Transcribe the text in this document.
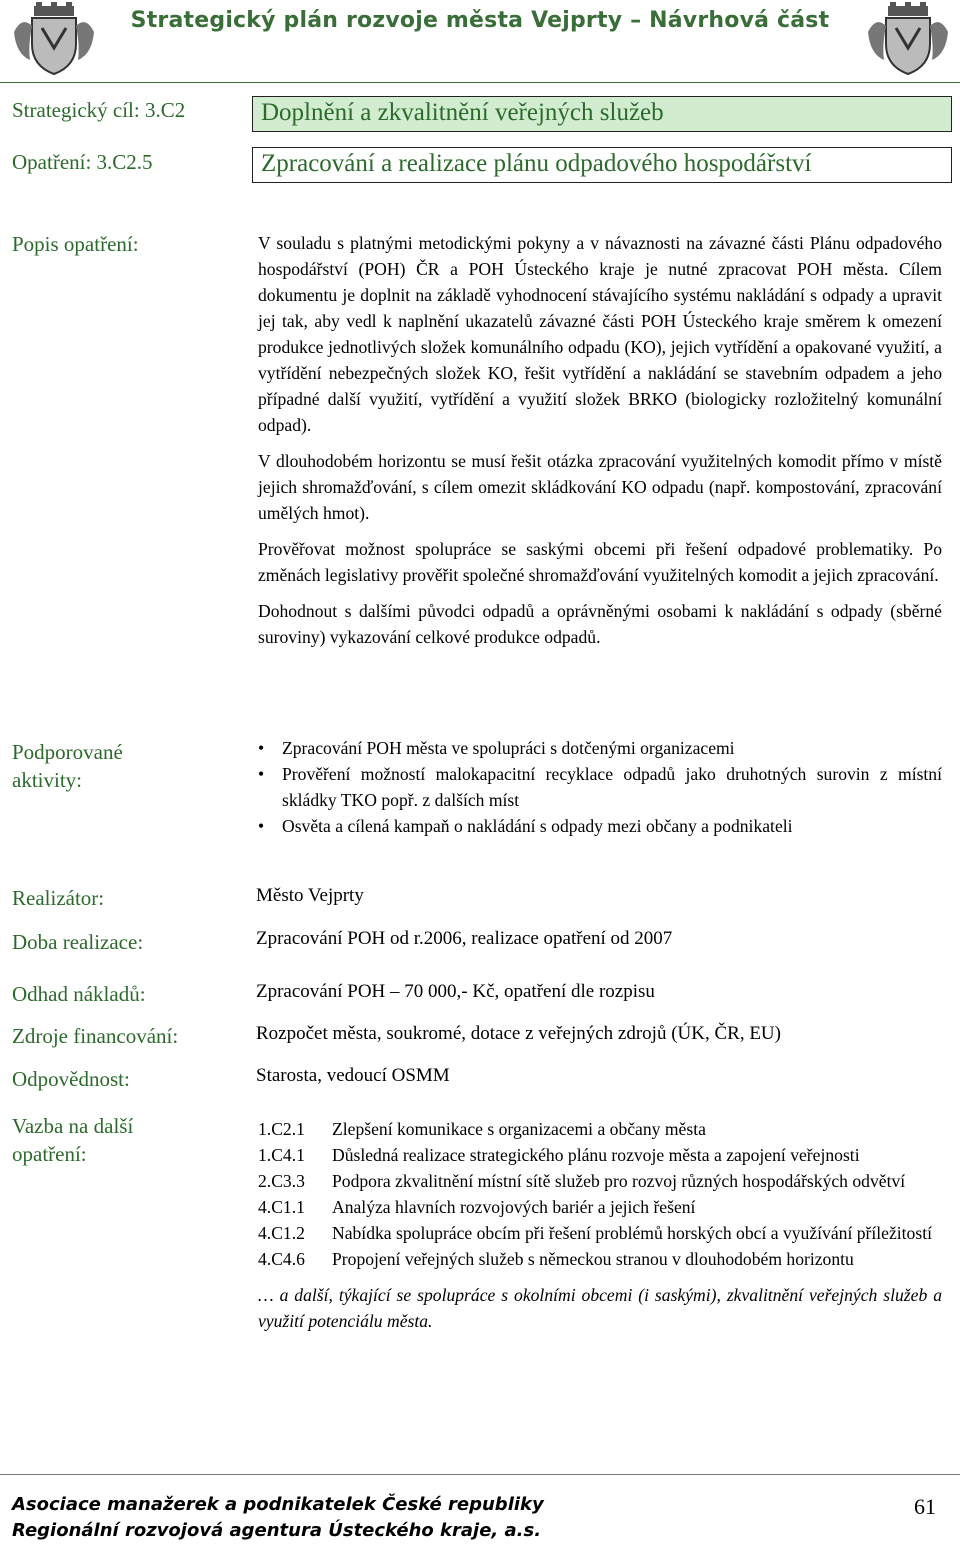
Strategický plán rozvoje města Vejprty – Návrhová část
Strategický cíl: 3.C2	Doplnění a zkvalitnění veřejných služeb
Opatření: 3.C2.5	Zpracování a realizace plánu odpadového hospodářství
Popis opatření:	V souladu s platnými metodickými pokyny a v návaznosti na závazné části Plánu odpadového hospodářství (POH) ČR a POH Ústeckého kraje je nutné zpracovat POH města. Cílem dokumentu je doplnit na základě vyhodnocení stávajícího systému nakládání s odpady a upravit jej tak, aby vedl k naplnění ukazatelů závazné části POH Ústeckého kraje směrem k omezení produkce jednotlivých složek komunálního odpadu (KO), jejich vytřídění a opakované využití, a vytřídění nebezpečných složek KO, řešit vytřídění a nakládání se stavebním odpadem a jeho případné další využití, vytřídění a využití složek BRKO (biologicky rozložitelný komunální odpad).

V dlouhodobém horizontu se musí řešit otázka zpracování využitelných komodit přímo v místě jejich shromažďování, s cílem omezit skládkování KO odpadu (např. kompostování, zpracování umělých hmot).

Prověřovat možnost spolupráce se saskými obcemi při řešení odpadové problematiky. Po změnách legislativy prověřit společné shromažďování využitelných komodit a jejich zpracování.

Dohodnout s dalšími původci odpadů a oprávněnými osobami k nakládání s odpady (sběrné suroviny) vykazování celkové produkce odpadů.

Podporované
aktivity:
• Zpracování POH města ve spolupráci s dotčenými organizacemi
• Prověření možností malokapacitní recyklace odpadů jako druhotných surovin z místní skládky TKO popř. z dalších míst
• Osvěta a cílená kampaň o nakládání s odpady mezi občany a podnikateli
Realizátor:	Město Vejprty
Doba realizace:	Zpracování POH od r.2006, realizace opatření od 2007
Odhad nákladů:	Zpracování POH – 70 000,- Kč, opatření dle rozpisu
Zdroje financování:	Rozpočet města, soukromé, dotace z veřejných zdrojů (ÚK, ČR, EU)
Odpovědnost:	Starosta, vedoucí OSMM
Vazba na další
opatření:
1.C2.1 Zlepšení komunikace s organizacemi a občany města
1.C4.1 Důsledná realizace strategického plánu rozvoje města a zapojení veřejnosti
2.C3.3 Podpora zkvalitnění místní sítě služeb pro rozvoj různých hospodářských odvětví
4.C1.1 Analýza hlavních rozvojových bariér a jejich řešení
4.C1.2 Nabídka spolupráce obcím při řešení problémů horských obcí a využívání příležitostí
4.C4.6 Propojení veřejných služeb s německou stranou v dlouhodobém horizontu
… a další, týkající se spolupráce s okolními obcemi (i saskými), zkvalitnění veřejných služeb a využití potenciálu města.
Asociace manažerek a podnikatelek České republiky
Regionální rozvojová agentura Ústeckého kraje, a.s.
61
